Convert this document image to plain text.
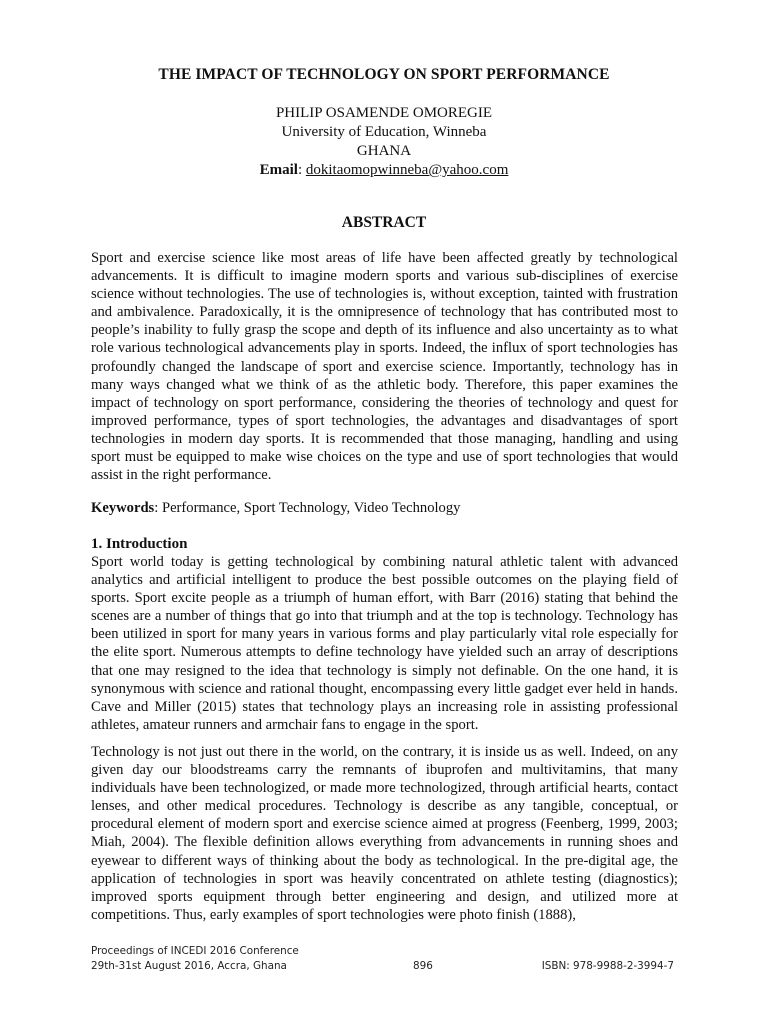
THE IMPACT OF TECHNOLOGY ON SPORT PERFORMANCE
PHILIP OSAMENDE OMOREGIE
University of Education, Winneba
GHANA
Email: dokitaomopwinneba@yahoo.com
ABSTRACT
Sport and exercise science like most areas of life have been affected greatly by technological advancements. It is difficult to imagine modern sports and various sub-disciplines of exercise science without technologies. The use of technologies is, without exception, tainted with frustration and ambivalence. Paradoxically, it is the omnipresence of technology that has contributed most to people’s inability to fully grasp the scope and depth of its influence and also uncertainty as to what role various technological advancements play in sports. Indeed, the influx of sport technologies has profoundly changed the landscape of sport and exercise science. Importantly, technology has in many ways changed what we think of as the athletic body. Therefore, this paper examines the impact of technology on sport performance, considering the theories of technology and quest for improved performance, types of sport technologies, the advantages and disadvantages of sport technologies in modern day sports. It is recommended that those managing, handling and using sport must be equipped to make wise choices on the type and use of sport technologies that would assist in the right performance.
Keywords: Performance, Sport Technology, Video Technology
1. Introduction
Sport world today is getting technological by combining natural athletic talent with advanced analytics and artificial intelligent to produce the best possible outcomes on the playing field of sports. Sport excite people as a triumph of human effort, with Barr (2016) stating that behind the scenes are a number of things that go into that triumph and at the top is technology. Technology has been utilized in sport for many years in various forms and play particularly vital role especially for the elite sport. Numerous attempts to define technology have yielded such an array of descriptions that one may resigned to the idea that technology is simply not definable. On the one hand, it is synonymous with science and rational thought, encompassing every little gadget ever held in hands. Cave and Miller (2015) states that technology plays an increasing role in assisting professional athletes, amateur runners and armchair fans to engage in the sport.
Technology is not just out there in the world, on the contrary, it is inside us as well. Indeed, on any given day our bloodstreams carry the remnants of ibuprofen and multivitamins, that many individuals have been technologized, or made more technologized, through artificial hearts, contact lenses, and other medical procedures. Technology is describe as any tangible, conceptual, or procedural element of modern sport and exercise science aimed at progress (Feenberg, 1999, 2003; Miah, 2004). The flexible definition allows everything from advancements in running shoes and eyewear to different ways of thinking about the body as technological. In the pre-digital age, the application of technologies in sport was heavily concentrated on athlete testing (diagnostics); improved sports equipment through better engineering and design, and utilized more at competitions. Thus, early examples of sport technologies were photo finish (1888),
Proceedings of INCEDI 2016 Conference
29th-31st August 2016, Accra, Ghana	896	ISBN: 978-9988-2-3994-7
